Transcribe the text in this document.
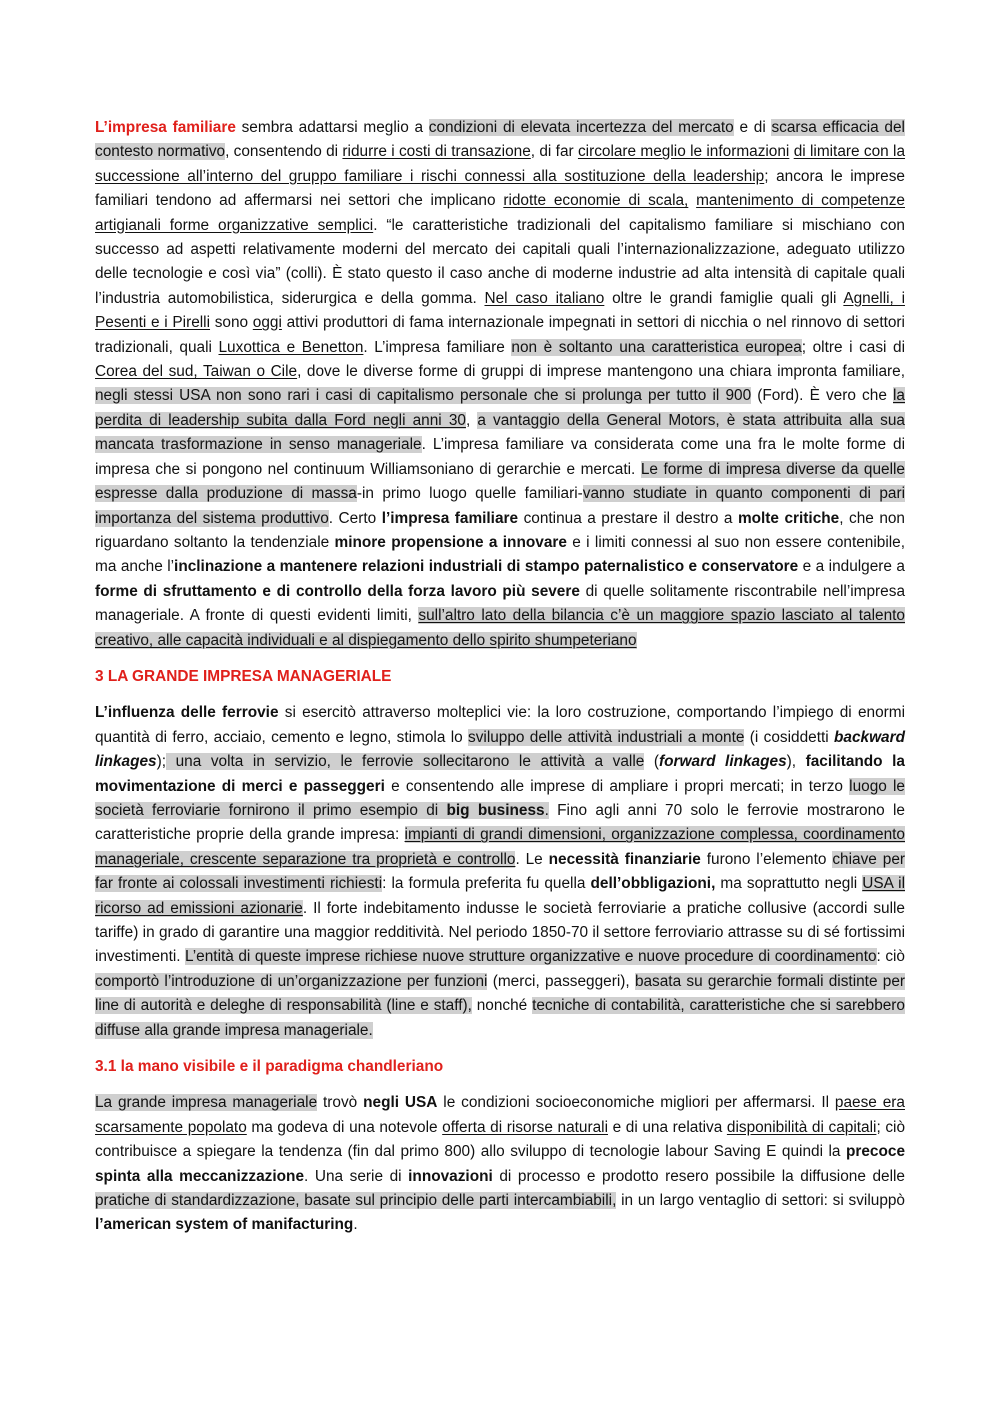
L’impresa familiare sembra adattarsi meglio a condizioni di elevata incertezza del mercato e di scarsa efficacia del contesto normativo, consentendo di ridurre i costi di transazione, di far circolare meglio le informazioni di limitare con la successione all’interno del gruppo familiare i rischi connessi alla sostituzione della leadership; ancora le imprese familiari tendono ad affermarsi nei settori che implicano ridotte economie di scala, mantenimento di competenze artigianali forme organizzative semplici. “le caratteristiche tradizionali del capitalismo familiare si mischiano con successo ad aspetti relativamente moderni del mercato dei capitali quali l’internazionalizzazione, adeguato utilizzo delle tecnologie e così via” (colli). È stato questo il caso anche di moderne industrie ad alta intensità di capitale quali l’industria automobilistica, siderurgica e della gomma. Nel caso italiano oltre le grandi famiglie quali gli Agnelli, i Pesenti e i Pirelli sono oggi attivi produttori di fama internazionale impegnati in settori di nicchia o nel rinnovo di settori tradizionali, quali Luxottica e Benetton. L’impresa familiare non è soltanto una caratteristica europea; oltre i casi di Corea del sud, Taiwan o Cile, dove le diverse forme di gruppi di imprese mantengono una chiara impronta familiare, negli stessi USA non sono rari i casi di capitalismo personale che si prolunga per tutto il 900 (Ford). È vero che la perdita di leadership subita dalla Ford negli anni 30, a vantaggio della General Motors, è stata attribuita alla sua mancata trasformazione in senso manageriale. L’impresa familiare va considerata come una fra le molte forme di impresa che si pongono nel continuum Williamsoniano di gerarchie e mercati. Le forme di impresa diverse da quelle espresse dalla produzione di massa-in primo luogo quelle familiari-vanno studiate in quanto componenti di pari importanza del sistema produttivo. Certo l’impresa familiare continua a prestare il destro a molte critiche, che non riguardano soltanto la tendenziale minore propensione a innovare e i limiti connessi al suo non essere contenibile, ma anche l’inclinazione a mantenere relazioni industriali di stampo paternalistico e conservatore e a indulgere a forme di sfruttamento e di controllo della forza lavoro più severe di quelle solitamente riscontrabile nell’impresa manageriale. A fronte di questi evidenti limiti, sull’altro lato della bilancia c’è un maggiore spazio lasciato al talento creativo, alle capacità individuali e al dispiegamento dello spirito shumpeteriano

3 LA GRANDE IMPRESA MANAGERIALE

L’influenza delle ferrovie si esercitò attraverso molteplici vie: la loro costruzione, comportando l’impiego di enormi quantità di ferro, acciaio, cemento e legno, stimola lo sviluppo delle attività industriali a monte (i cosiddetti backward linkages); una volta in servizio, le ferrovie sollecitarono le attività a valle (forward linkages), facilitando la movimentazione di merci e passeggeri e consentendo alle imprese di ampliare i propri mercati; in terzo luogo le società ferroviarie fornirono il primo esempio di big business. Fino agli anni 70 solo le ferrovie mostrarono le caratteristiche proprie della grande impresa: impianti di grandi dimensioni, organizzazione complessa, coordinamento manageriale, crescente separazione tra proprietà e controllo. Le necessità finanziarie furono l’elemento chiave per far fronte ai colossali investimenti richiesti: la formula preferita fu quella dell’obbligazioni, ma soprattutto negli USA il ricorso ad emissioni azionarie. Il forte indebitamento indusse le società ferroviarie a pratiche collusive (accordi sulle tariffe) in grado di garantire una maggior redditività. Nel periodo 1850-70 il settore ferroviario attrasse su di sé fortissimi investimenti. L’entità di queste imprese richiese nuove strutture organizzative e nuove procedure di coordinamento: ciò comportò l’introduzione di un’organizzazione per funzioni (merci, passeggeri), basata su gerarchie formali distinte per line di autorità e deleghe di responsabilità (line e staff), nonché tecniche di contabilità, caratteristiche che si sarebbero diffuse alla grande impresa manageriale.

3.1 la mano visibile e il paradigma chandleriano

La grande impresa manageriale trovò negli USA le condizioni socioeconomiche migliori per affermarsi. Il paese era scarsamente popolato ma godeva di una notevole offerta di risorse naturali e di una relativa disponibilità di capitali; ciò contribuisce a spiegare la tendenza (fin dal primo 800) allo sviluppo di tecnologie labour Saving E quindi la precoce spinta alla meccanizzazione. Una serie di innovazioni di processo e prodotto resero possibile la diffusione delle pratiche di standardizzazione, basate sul principio delle parti intercambiabili, in un largo ventaglio di settori: si sviluppò l’american system of manifacturing.
